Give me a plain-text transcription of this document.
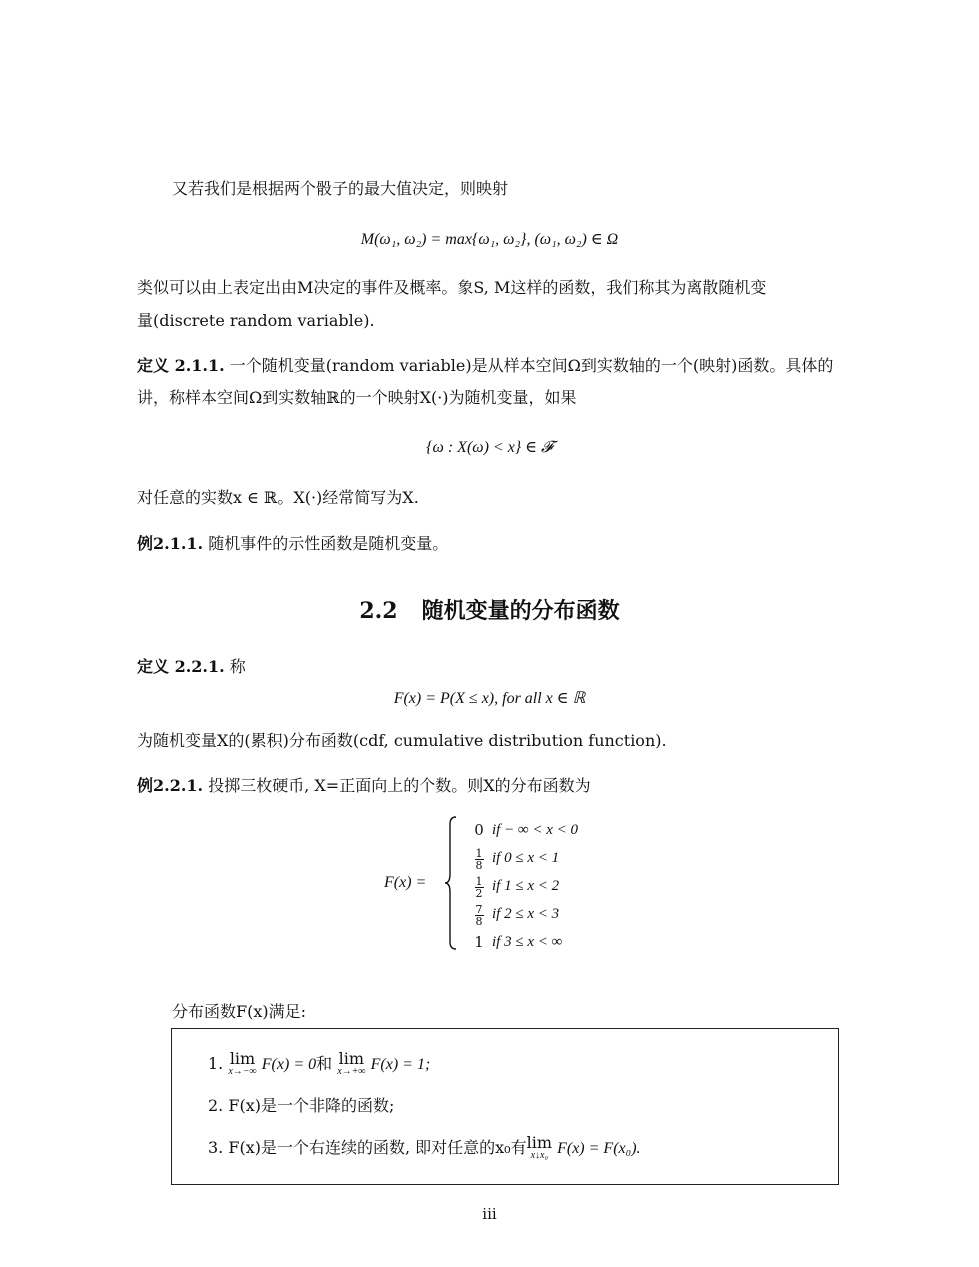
又若我们是根据两个骰子的最大值决定，则映射
M(ω₁, ω₂) = max{ω₁, ω₂}, (ω₁, ω₂) ∈ Ω
类似可以由上表定出由M决定的事件及概率。象S, M这样的函数，我们称其为离散随机变
量(discrete random variable).
定义 2.1.1. 一个随机变量(random variable)是从样本空间Ω到实数轴的一个(映射)函数。具体的
讲，称样本空间Ω到实数轴ℝ的一个映射X(·)为随机变量，如果
{ω : X(ω) < x} ∈ 𝓕
对任意的实数x ∈ ℝ。X(·)经常简写为X.
例2.1.1. 随机事件的示性函数是随机变量。
2.2 随机变量的分布函数
定义 2.2.1. 称
F(x) = P(X ≤ x), for all x ∈ ℝ
为随机变量X的(累积)分布函数(cdf, cumulative distribution function).
例2.2.1. 投掷三枚硬币, X=正面向上的个数。则X的分布函数为
F(x) =
0 if − ∞ < x < 0
$\frac{1}{8}$ if 0 ≤ x < 1
$\frac{1}{2}$ if 1 ≤ x < 2
$\frac{7}{8}$ if 2 ≤ x < 3
1 if 3 ≤ x < ∞
分布函数F(x)满足:
1. lim
x→−∞ F(x) = 0和 lim
x→+∞ F(x) = 1;
2. F(x)是一个非降的函数;
3. F(x)是一个右连续的函数, 即对任意的x₀有lim
x↓x₀ F(x) = F(x₀).
iii
